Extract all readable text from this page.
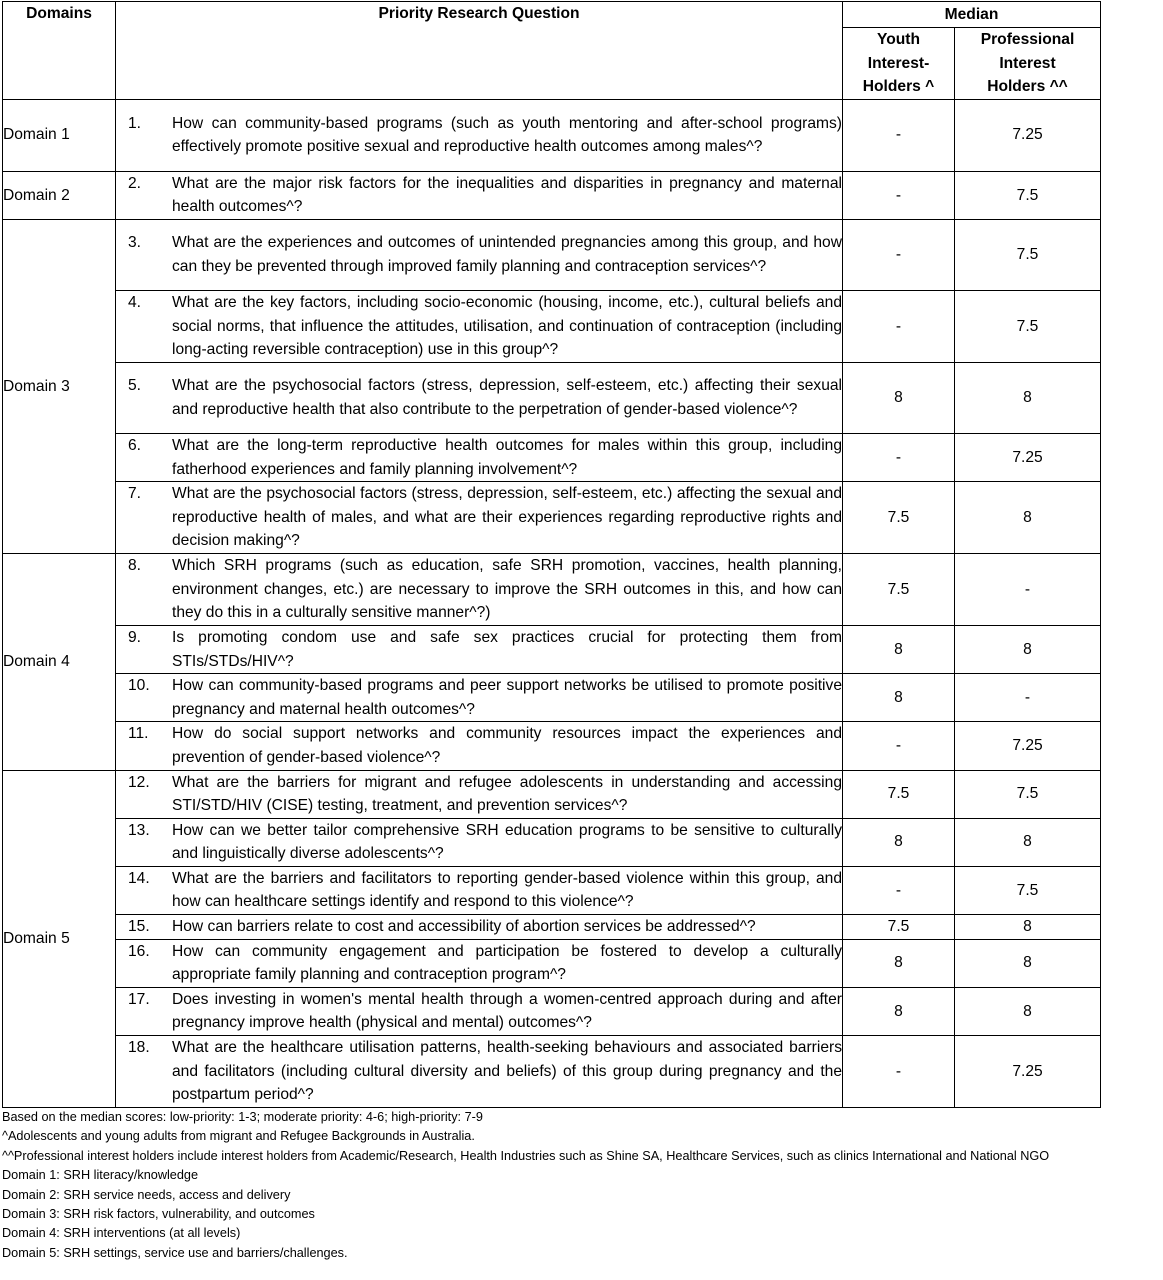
Domains	Priority Research Question	Median	
		Youth Interest-Holders ^	Professional Interest Holders ^^
Domain 1	1. How can community-based programs (such as youth mentoring and after-school programs) effectively promote positive sexual and reproductive health outcomes among males^?	-	7.25
Domain 2	2. What are the major risk factors for the inequalities and disparities in pregnancy and maternal health outcomes^?	-	7.5
Domain 3	3. What are the experiences and outcomes of unintended pregnancies among this group, and how can they be prevented through improved family planning and contraception services^?	-	7.5

	4. What are the key factors, including socio-economic (housing, income, etc.), cultural beliefs and social norms, that influence the attitudes, utilisation, and continuation of contraception (including long-acting reversible contraception) use in this group^?	-	7.5

	5. What are the psychosocial factors (stress, depression, self-esteem, etc.) affecting their sexual and reproductive health that also contribute to the perpetration of gender-based violence^?	8	8

	6. What are the long-term reproductive health outcomes for males within this group, including fatherhood experiences and family planning involvement^?	-	7.25

	7. What are the psychosocial factors (stress, depression, self-esteem, etc.) affecting the sexual and reproductive health of males, and what are their experiences regarding reproductive rights and decision making^?	7.5	8
Domain 4	8. Which SRH programs (such as education, safe SRH promotion, vaccines, health planning, environment changes, etc.) are necessary to improve the SRH outcomes in this, and how can they do this in a culturally sensitive manner^?)	7.5	-

	9. Is promoting condom use and safe sex practices crucial for protecting them from STIs/STDs/HIV^?	8	8

	10. How can community-based programs and peer support networks be utilised to promote positive pregnancy and maternal health outcomes^?	8	-

	11. How do social support networks and community resources impact the experiences and prevention of gender-based violence^?	-	7.25
Domain 5	12. What are the barriers for migrant and refugee adolescents in understanding and accessing STI/STD/HIV (CISE) testing, treatment, and prevention services^?	7.5	7.5

	13. How can we better tailor comprehensive SRH education programs to be sensitive to culturally and linguistically diverse adolescents^?	8	8

	14. What are the barriers and facilitators to reporting gender-based violence within this group, and how can healthcare settings identify and respond to this violence^?	-	7.5

	15. How can barriers relate to cost and accessibility of abortion services be addressed^?	7.5	8

	16. How can community engagement and participation be fostered to develop a culturally appropriate family planning and contraception program^?	8	8

	17. Does investing in women's mental health through a women-centred approach during and after pregnancy improve health (physical and mental) outcomes^?	8	8

	18. What are the healthcare utilisation patterns, health-seeking behaviours and associated barriers and facilitators (including cultural diversity and beliefs) of this group during pregnancy and the postpartum period^?	-	7.25
Based on the median scores: low-priority: 1-3; moderate priority: 4-6; high-priority: 7-9
^Adolescents and young adults from migrant and Refugee Backgrounds in Australia.
^^Professional interest holders include interest holders from Academic/Research, Health Industries such as Shine SA, Healthcare Services, such as clinics International and National NGO
Domain 1: SRH literacy/knowledge
Domain 2: SRH service needs, access and delivery
Domain 3: SRH risk factors, vulnerability, and outcomes
Domain 4: SRH interventions (at all levels)
Domain 5: SRH settings, service use and barriers/challenges.
